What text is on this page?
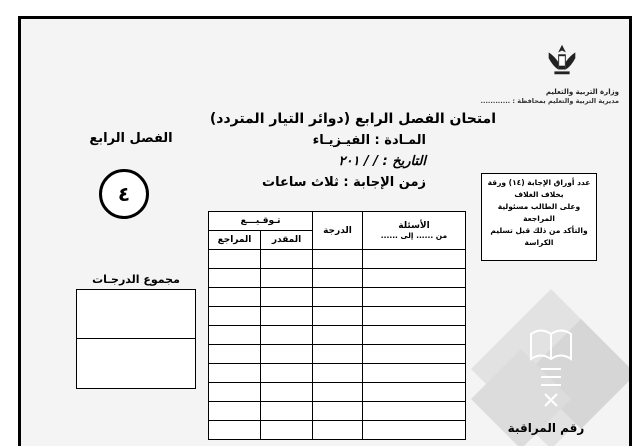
وزارة التربية والتعليم
مديرية التربية والتعليم بمحافظة : ............
امتحان الفصل الرابع (دوائر التيار المتردد)
المـادة : الفيـزيـاء
التاريخ : / / ٢٠١
زمن الإجابة : ثلاث ساعات
الفصل الرابع
٤	عدد أوراق الإجابة (١٤) ورقة
بخلاف الغلاف
وعلى الطالب مسئولية المراجعة
والتأكد من ذلك قبل تسليم الكراسة
مجموع الدرجـات
الأسئلة
من ...... إلى ......	الدرجة	تـوقـيـــع	
		المقدر	المراجع

رقم المراقبة
